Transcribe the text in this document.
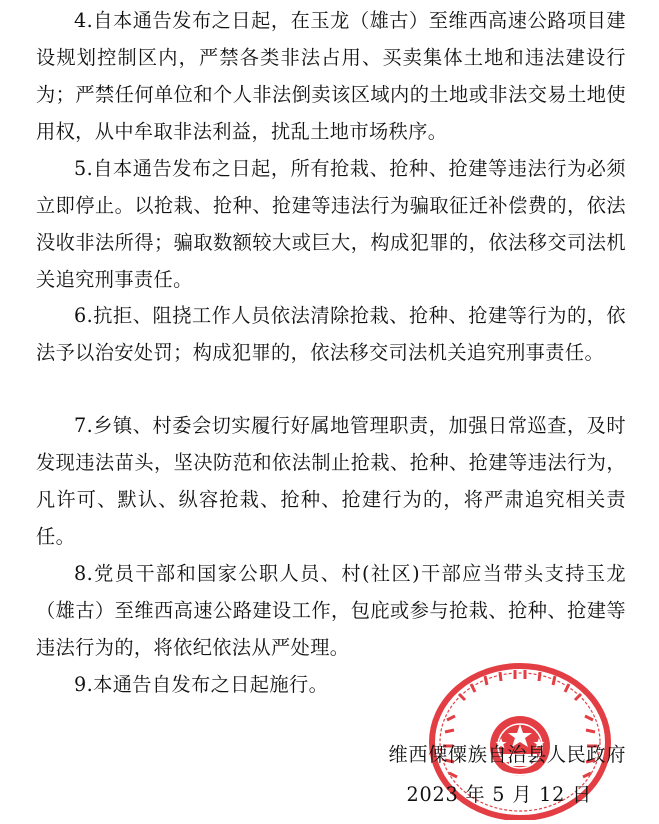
4.自本通告发布之日起，在玉龙（雄古）至维西高速公路项目建设规划控制区内，严禁各类非法占用、买卖集体土地和违法建设行为；严禁任何单位和个人非法倒卖该区域内的土地或非法交易土地使用权，从中牟取非法利益，扰乱土地市场秩序。

5.自本通告发布之日起，所有抢栽、抢种、抢建等违法行为必须立即停止。以抢栽、抢种、抢建等违法行为骗取征迁补偿费的，依法没收非法所得；骗取数额较大或巨大，构成犯罪的，依法移交司法机关追究刑事责任。

6.抗拒、阻挠工作人员依法清除抢栽、抢种、抢建等行为的，依法予以治安处罚；构成犯罪的，依法移交司法机关追究刑事责任。

7.乡镇、村委会切实履行好属地管理职责，加强日常巡查，及时发现违法苗头，坚决防范和依法制止抢栽、抢种、抢建等违法行为，凡许可、默认、纵容抢栽、抢种、抢建行为的，将严肃追究相关责任。

8.党员干部和国家公职人员、村(社区)干部应当带头支持玉龙（雄古）至维西高速公路建设工作，包庇或参与抢栽、抢种、抢建等违法行为的，将依纪依法从严处理。

9.本通告自发布之日起施行。

维西傈僳族自治县人民政府
2023 年 5 月 12 日
